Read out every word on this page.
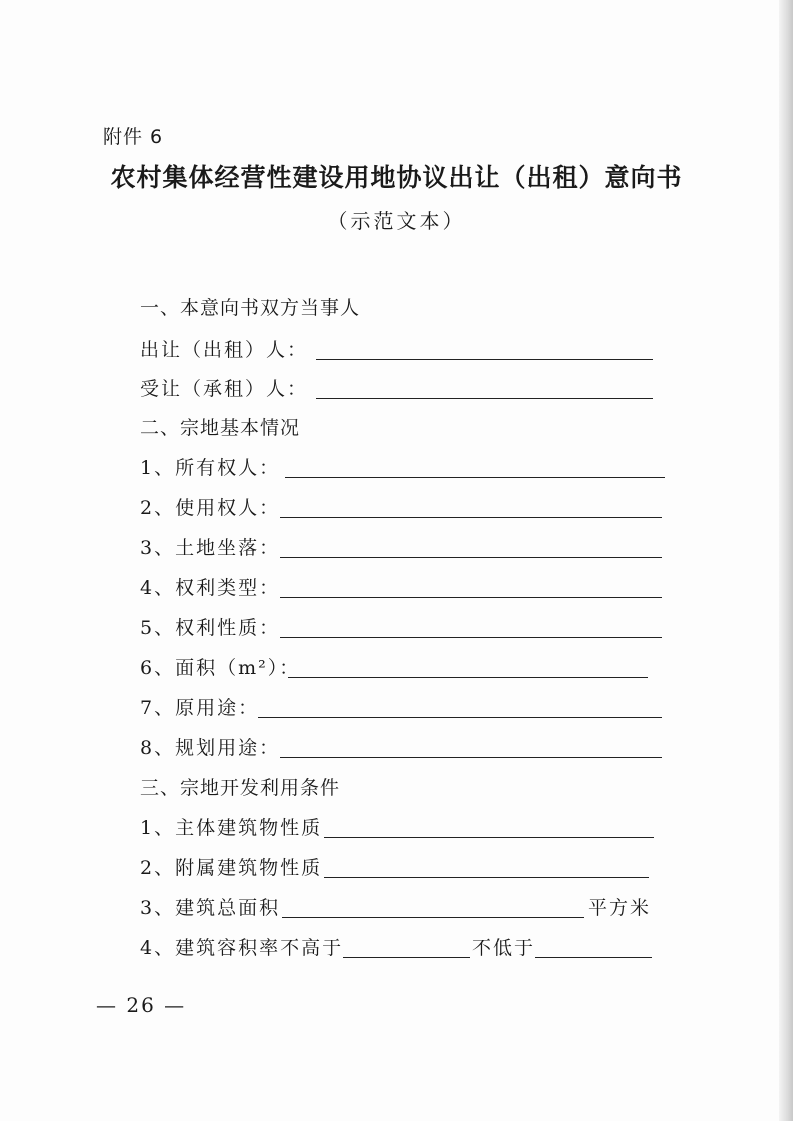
附件 6
农村集体经营性建设用地协议出让（出租）意向书
（示范文本）
一、本意向书双方当事人
出让（出租）人：
受让（承租）人：
二、宗地基本情况
1、所有权人：
2、使用权人：
3、土地坐落：
4、权利类型：
5、权利性质：
6、面积（m²）：
7、原用途：
8、规划用途：
三、宗地开发利用条件
1、主体建筑物性质
2、附属建筑物性质
3、建筑总面积	平方米
4、建筑容积率不高于	不低于
— 26 —
